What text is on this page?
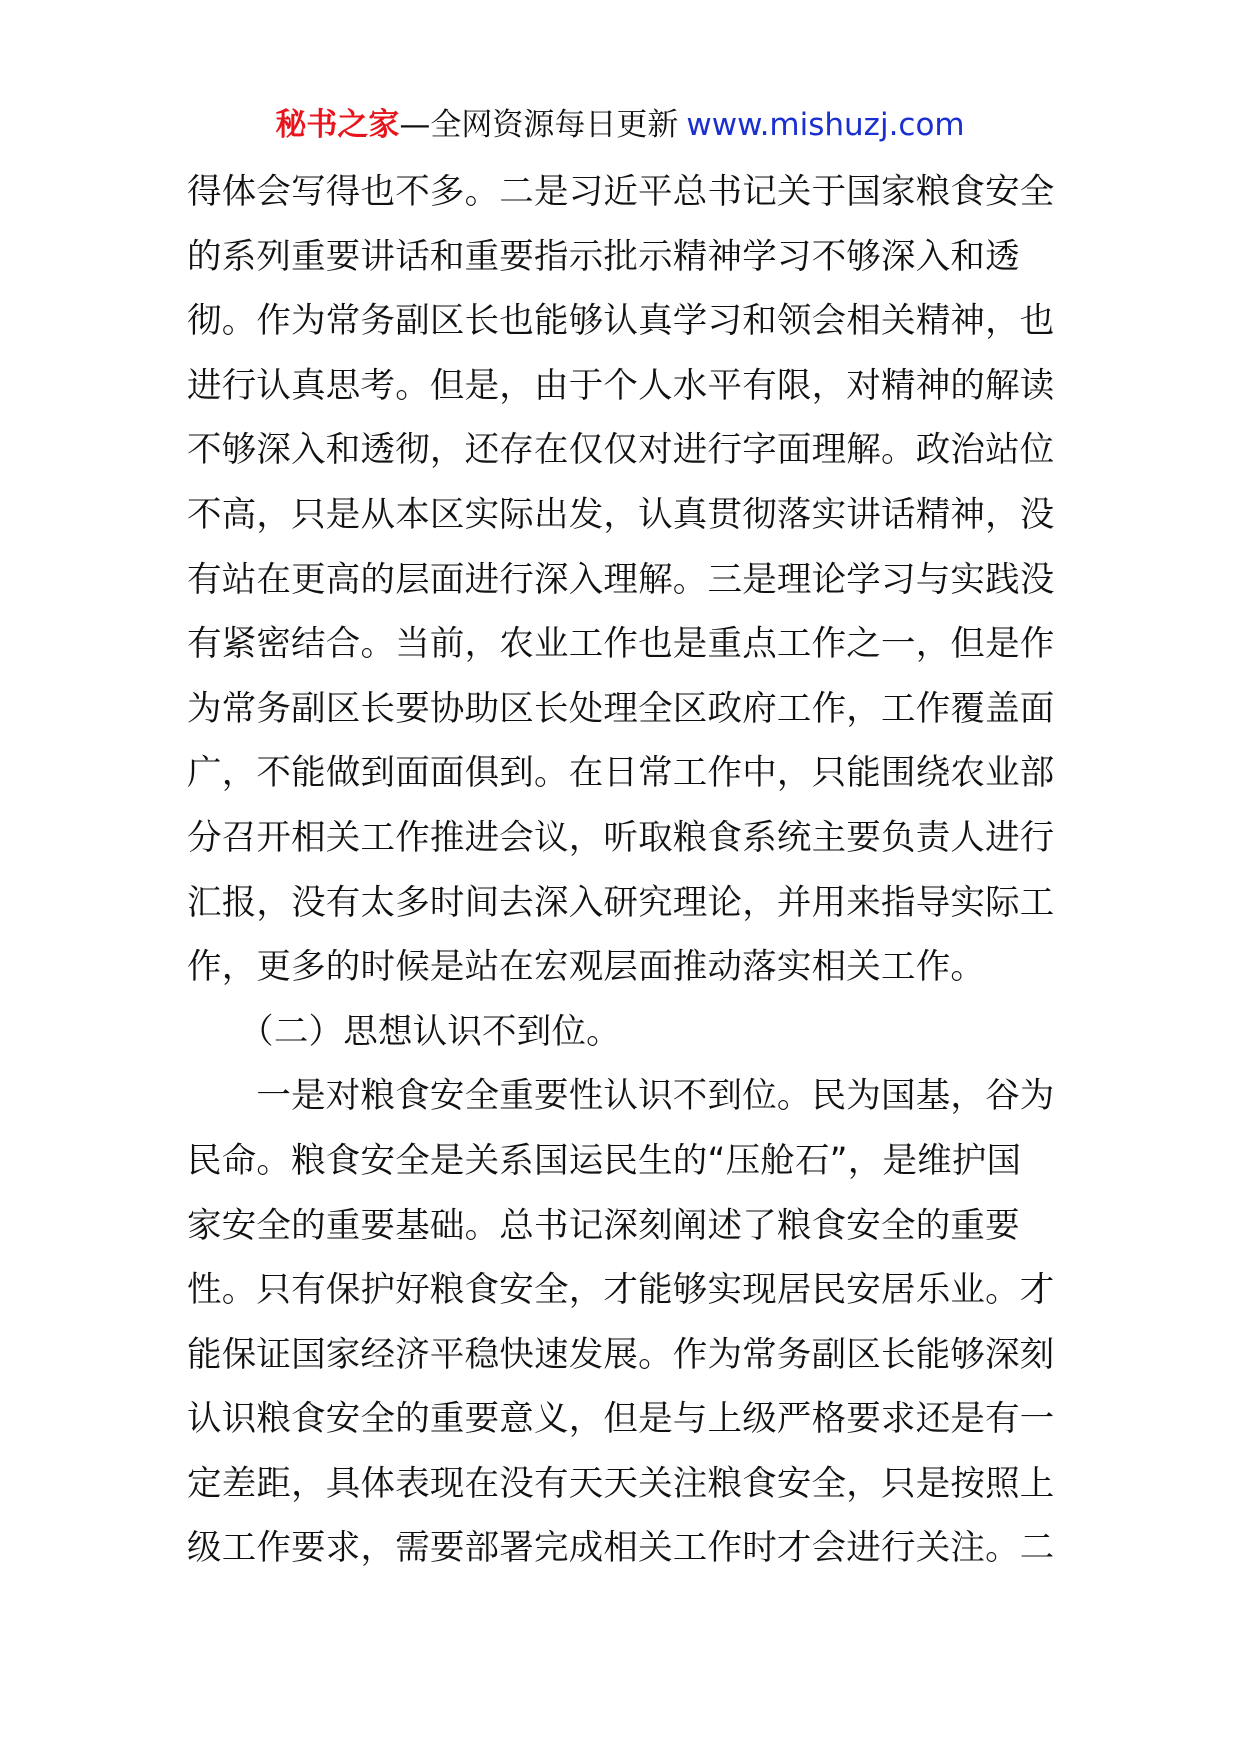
秘书之家—全网资源每日更新 www.mishuzj.com
得体会写得也不多。二是习近平总书记关于国家粮食安全
的系列重要讲话和重要指示批示精神学习不够深入和透
彻。作为常务副区长也能够认真学习和领会相关精神，也
进行认真思考。但是，由于个人水平有限，对精神的解读
不够深入和透彻，还存在仅仅对进行字面理解。政治站位
不高，只是从本区实际出发，认真贯彻落实讲话精神，没
有站在更高的层面进行深入理解。三是理论学习与实践没
有紧密结合。当前，农业工作也是重点工作之一，但是作
为常务副区长要协助区长处理全区政府工作，工作覆盖面
广，不能做到面面俱到。在日常工作中，只能围绕农业部
分召开相关工作推进会议，听取粮食系统主要负责人进行
汇报，没有太多时间去深入研究理论，并用来指导实际工
作，更多的时候是站在宏观层面推动落实相关工作。
　　（二）思想认识不到位。
　　一是对粮食安全重要性认识不到位。民为国基，谷为
民命。粮食安全是关系国运民生的“压舱石”，是维护国
家安全的重要基础。总书记深刻阐述了粮食安全的重要
性。只有保护好粮食安全，才能够实现居民安居乐业。才
能保证国家经济平稳快速发展。作为常务副区长能够深刻
认识粮食安全的重要意义，但是与上级严格要求还是有一
定差距，具体表现在没有天天关注粮食安全，只是按照上
级工作要求，需要部署完成相关工作时才会进行关注。二
